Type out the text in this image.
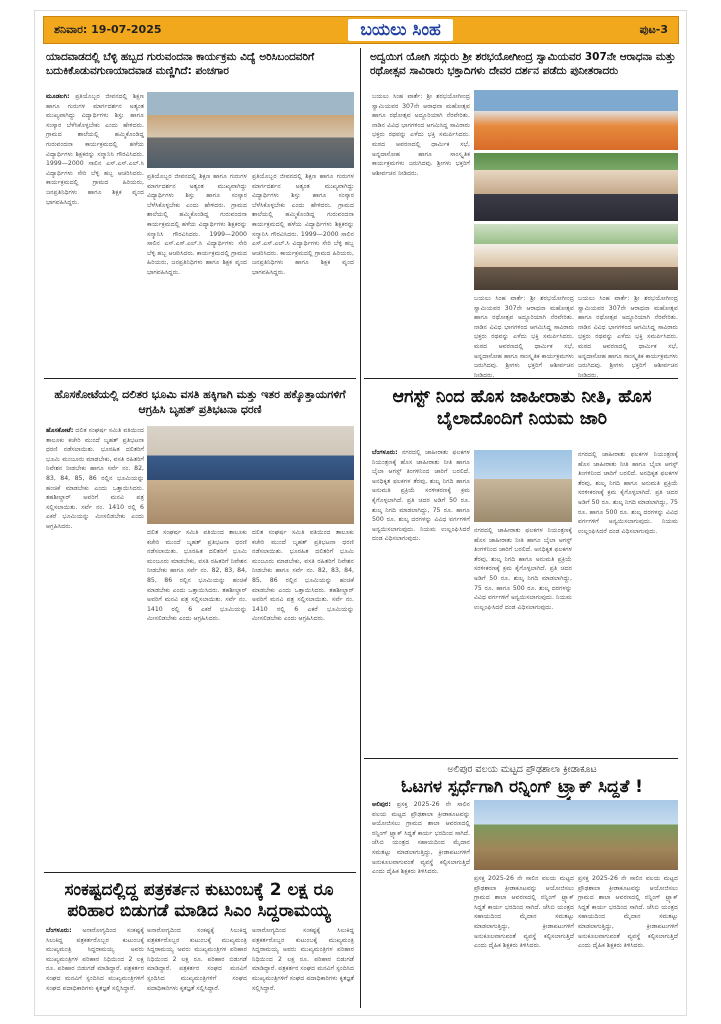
ಶನಿವಾರ: 19-07-2025	ಬಯಲು ಸಿಂಹ	ಪುಟ-3
ಯಾದವಾಡದಲ್ಲಿ ಬೆಳ್ಳಿ ಹಬ್ಬದ ಗುರುವಂದನಾ ಕಾರ್ಯಕ್ರಮ ವಿದ್ಯೆ ಅರಿಸಿಬಂದವರಿಗೆ ಬದುಕಿಕೊಡುವಗುಣಯಾದವಾಡ ಮಣ್ಣಿಗಿದೆ: ಪಂಚಗಾರ
ಮೂಡಲಗಿ: ಪ್ರತಿಯೊಬ್ಬರ ಜೀವನದಲ್ಲಿ ಶಿಕ್ಷಣ ಹಾಗೂ ಗುರುಗಳ ಮಾರ್ಗದರ್ಶನ ಅತ್ಯಂತ ಮುಖ್ಯವಾಗಿದ್ದು ವಿದ್ಯಾರ್ಥಿಗಳು ಶಿಸ್ತು ಹಾಗೂ ಸಂಸ್ಕಾರ ಬೆಳೆಸಿಕೊಳ್ಳಬೇಕು ಎಂದು ಹೇಳಿದರು. ಗ್ರಾಮದ ಶಾಲೆಯಲ್ಲಿ ಹಮ್ಮಿಕೊಂಡಿದ್ದ ಗುರುವಂದನಾ ಕಾರ್ಯಕ್ರಮದಲ್ಲಿ ಹಳೆಯ ವಿದ್ಯಾರ್ಥಿಗಳು ಶಿಕ್ಷಕರನ್ನು ಸನ್ಮಾನಿಸಿ ಗೌರವಿಸಿದರು. 1999—2000 ಸಾಲಿನ ಎಸ್.ಎಸ್.ಎಲ್.ಸಿ ವಿದ್ಯಾರ್ಥಿಗಳು ಸೇರಿ ಬೆಳ್ಳಿ ಹಬ್ಬ ಆಚರಿಸಿದರು. ಕಾರ್ಯಕ್ರಮದಲ್ಲಿ ಗ್ರಾಮದ ಹಿರಿಯರು, ಜನಪ್ರತಿನಿಧಿಗಳು ಹಾಗೂ ಶಿಕ್ಷಕ ವೃಂದ ಭಾಗವಹಿಸಿದ್ದರು.
ಪ್ರತಿಯೊಬ್ಬರ ಜೀವನದಲ್ಲಿ ಶಿಕ್ಷಣ ಹಾಗೂ ಗುರುಗಳ ಮಾರ್ಗದರ್ಶನ ಅತ್ಯಂತ ಮುಖ್ಯವಾಗಿದ್ದು ವಿದ್ಯಾರ್ಥಿಗಳು ಶಿಸ್ತು ಹಾಗೂ ಸಂಸ್ಕಾರ ಬೆಳೆಸಿಕೊಳ್ಳಬೇಕು ಎಂದು ಹೇಳಿದರು. ಗ್ರಾಮದ ಶಾಲೆಯಲ್ಲಿ ಹಮ್ಮಿಕೊಂಡಿದ್ದ ಗುರುವಂದನಾ ಕಾರ್ಯಕ್ರಮದಲ್ಲಿ ಹಳೆಯ ವಿದ್ಯಾರ್ಥಿಗಳು ಶಿಕ್ಷಕರನ್ನು ಸನ್ಮಾನಿಸಿ ಗೌರವಿಸಿದರು. 1999—2000 ಸಾಲಿನ ಎಸ್.ಎಸ್.ಎಲ್.ಸಿ ವಿದ್ಯಾರ್ಥಿಗಳು ಸೇರಿ ಬೆಳ್ಳಿ ಹಬ್ಬ ಆಚರಿಸಿದರು. ಕಾರ್ಯಕ್ರಮದಲ್ಲಿ ಗ್ರಾಮದ ಹಿರಿಯರು, ಜನಪ್ರತಿನಿಧಿಗಳು ಹಾಗೂ ಶಿಕ್ಷಕ ವೃಂದ ಭಾಗವಹಿಸಿದ್ದರು.
ಪ್ರತಿಯೊಬ್ಬರ ಜೀವನದಲ್ಲಿ ಶಿಕ್ಷಣ ಹಾಗೂ ಗುರುಗಳ ಮಾರ್ಗದರ್ಶನ ಅತ್ಯಂತ ಮುಖ್ಯವಾಗಿದ್ದು ವಿದ್ಯಾರ್ಥಿಗಳು ಶಿಸ್ತು ಹಾಗೂ ಸಂಸ್ಕಾರ ಬೆಳೆಸಿಕೊಳ್ಳಬೇಕು ಎಂದು ಹೇಳಿದರು. ಗ್ರಾಮದ ಶಾಲೆಯಲ್ಲಿ ಹಮ್ಮಿಕೊಂಡಿದ್ದ ಗುರುವಂದನಾ ಕಾರ್ಯಕ್ರಮದಲ್ಲಿ ಹಳೆಯ ವಿದ್ಯಾರ್ಥಿಗಳು ಶಿಕ್ಷಕರನ್ನು ಸನ್ಮಾನಿಸಿ ಗೌರವಿಸಿದರು. 1999—2000 ಸಾಲಿನ ಎಸ್.ಎಸ್.ಎಲ್.ಸಿ ವಿದ್ಯಾರ್ಥಿಗಳು ಸೇರಿ ಬೆಳ್ಳಿ ಹಬ್ಬ ಆಚರಿಸಿದರು. ಕಾರ್ಯಕ್ರಮದಲ್ಲಿ ಗ್ರಾಮದ ಹಿರಿಯರು, ಜನಪ್ರತಿನಿಧಿಗಳು ಹಾಗೂ ಶಿಕ್ಷಕ ವೃಂದ ಭಾಗವಹಿಸಿದ್ದರು.
ಅದ್ವಯಿಗ ಯೋಗಿ ಸದ್ಗುರು ಶ್ರೀ ಶರಭಯೋಗೀಂದ್ರ ಸ್ವಾಮಿಯವರ 307ನೇ ಆರಾಧನಾ ಮತ್ತು ರಥೋತ್ಸವ ಸಾವಿರಾರು ಭಕ್ತಾದಿಗಳು ದೇವರ ದರ್ಶನ ಪಡೆದು ಪುನೀತರಾದರು
ಬಯಲು ಸಿಂಹ ವಾರ್ತೆ: ಶ್ರೀ ಶರಭಯೋಗೀಂದ್ರ ಸ್ವಾಮಿಯವರ 307ನೇ ಆರಾಧನಾ ಮಹೋತ್ಸವ ಹಾಗೂ ರಥೋತ್ಸವ ಅದ್ದೂರಿಯಾಗಿ ನೆರವೇರಿತು. ನಾಡಿನ ವಿವಿಧ ಭಾಗಗಳಿಂದ ಆಗಮಿಸಿದ್ದ ಸಾವಿರಾರು ಭಕ್ತರು ರಥವನ್ನು ಎಳೆದು ಭಕ್ತಿ ಸಮರ್ಪಿಸಿದರು. ಮಠದ ಆವರಣದಲ್ಲಿ ಧಾರ್ಮಿಕ ಸಭೆ, ಅನ್ನದಾಸೋಹ ಹಾಗೂ ಸಾಂಸ್ಕೃತಿಕ ಕಾರ್ಯಕ್ರಮಗಳು ಜರುಗಿದವು. ಶ್ರೀಗಳು ಭಕ್ತರಿಗೆ ಆಶೀರ್ವಚನ ನೀಡಿದರು.
ಬಯಲು ಸಿಂಹ ವಾರ್ತೆ: ಶ್ರೀ ಶರಭಯೋಗೀಂದ್ರ ಸ್ವಾಮಿಯವರ 307ನೇ ಆರಾಧನಾ ಮಹೋತ್ಸವ ಹಾಗೂ ರಥೋತ್ಸವ ಅದ್ದೂರಿಯಾಗಿ ನೆರವೇರಿತು. ನಾಡಿನ ವಿವಿಧ ಭಾಗಗಳಿಂದ ಆಗಮಿಸಿದ್ದ ಸಾವಿರಾರು ಭಕ್ತರು ರಥವನ್ನು ಎಳೆದು ಭಕ್ತಿ ಸಮರ್ಪಿಸಿದರು. ಮಠದ ಆವರಣದಲ್ಲಿ ಧಾರ್ಮಿಕ ಸಭೆ, ಅನ್ನದಾಸೋಹ ಹಾಗೂ ಸಾಂಸ್ಕೃತಿಕ ಕಾರ್ಯಕ್ರಮಗಳು ಜರುಗಿದವು. ಶ್ರೀಗಳು ಭಕ್ತರಿಗೆ ಆಶೀರ್ವಚನ ನೀಡಿದರು.
ಬಯಲು ಸಿಂಹ ವಾರ್ತೆ: ಶ್ರೀ ಶರಭಯೋಗೀಂದ್ರ ಸ್ವಾಮಿಯವರ 307ನೇ ಆರಾಧನಾ ಮಹೋತ್ಸವ ಹಾಗೂ ರಥೋತ್ಸವ ಅದ್ದೂರಿಯಾಗಿ ನೆರವೇರಿತು. ನಾಡಿನ ವಿವಿಧ ಭಾಗಗಳಿಂದ ಆಗಮಿಸಿದ್ದ ಸಾವಿರಾರು ಭಕ್ತರು ರಥವನ್ನು ಎಳೆದು ಭಕ್ತಿ ಸಮರ್ಪಿಸಿದರು. ಮಠದ ಆವರಣದಲ್ಲಿ ಧಾರ್ಮಿಕ ಸಭೆ, ಅನ್ನದಾಸೋಹ ಹಾಗೂ ಸಾಂಸ್ಕೃತಿಕ ಕಾರ್ಯಕ್ರಮಗಳು ಜರುಗಿದವು. ಶ್ರೀಗಳು ಭಕ್ತರಿಗೆ ಆಶೀರ್ವಚನ ನೀಡಿದರು.
ಹೊಸಕೋಟೆಯಲ್ಲಿ ದಲಿತರ ಭೂಮಿ ವಸತಿ ಹಕ್ಕಿಗಾಗಿ ಮತ್ತು ಇತರ ಹಕ್ಕೊತ್ತಾಯಗಳಿಗೆ ಆಗ್ರಹಿಸಿ ಬೃಹತ್ ಪ್ರತಿಭಟನಾ ಧರಣಿ
ಹೊಸಕೋಟೆ: ದಲಿತ ಸಂಘರ್ಷ ಸಮಿತಿ ವತಿಯಿಂದ ತಾಲೂಕು ಕಚೇರಿ ಮುಂದೆ ಬೃಹತ್ ಪ್ರತಿಭಟನಾ ಧರಣಿ ನಡೆಸಲಾಯಿತು. ಭೂರಹಿತ ದಲಿತರಿಗೆ ಭೂಮಿ ಮಂಜೂರು ಮಾಡಬೇಕು, ವಸತಿ ರಹಿತರಿಗೆ ನಿವೇಶನ ನೀಡಬೇಕು ಹಾಗೂ ಸರ್ವೆ ನಂ. 82, 83, 84, 85, 86 ರಲ್ಲಿನ ಭೂಮಿಯನ್ನು ಹಂಚಿಕೆ ಮಾಡಬೇಕು ಎಂದು ಒತ್ತಾಯಿಸಿದರು. ತಹಶೀಲ್ದಾರ್ ಅವರಿಗೆ ಮನವಿ ಪತ್ರ ಸಲ್ಲಿಸಲಾಯಿತು. ಸರ್ವೆ ನಂ. 1410 ರಲ್ಲಿ 6 ಎಕರೆ ಭೂಮಿಯನ್ನು ಮೀಸಲಿಡಬೇಕು ಎಂದು ಆಗ್ರಹಿಸಿದರು.
ದಲಿತ ಸಂಘರ್ಷ ಸಮಿತಿ ವತಿಯಿಂದ ತಾಲೂಕು ಕಚೇರಿ ಮುಂದೆ ಬೃಹತ್ ಪ್ರತಿಭಟನಾ ಧರಣಿ ನಡೆಸಲಾಯಿತು. ಭೂರಹಿತ ದಲಿತರಿಗೆ ಭೂಮಿ ಮಂಜೂರು ಮಾಡಬೇಕು, ವಸತಿ ರಹಿತರಿಗೆ ನಿವೇಶನ ನೀಡಬೇಕು ಹಾಗೂ ಸರ್ವೆ ನಂ. 82, 83, 84, 85, 86 ರಲ್ಲಿನ ಭೂಮಿಯನ್ನು ಹಂಚಿಕೆ ಮಾಡಬೇಕು ಎಂದು ಒತ್ತಾಯಿಸಿದರು. ತಹಶೀಲ್ದಾರ್ ಅವರಿಗೆ ಮನವಿ ಪತ್ರ ಸಲ್ಲಿಸಲಾಯಿತು. ಸರ್ವೆ ನಂ. 1410 ರಲ್ಲಿ 6 ಎಕರೆ ಭೂಮಿಯನ್ನು ಮೀಸಲಿಡಬೇಕು ಎಂದು ಆಗ್ರಹಿಸಿದರು.
ದಲಿತ ಸಂಘರ್ಷ ಸಮಿತಿ ವತಿಯಿಂದ ತಾಲೂಕು ಕಚೇರಿ ಮುಂದೆ ಬೃಹತ್ ಪ್ರತಿಭಟನಾ ಧರಣಿ ನಡೆಸಲಾಯಿತು. ಭೂರಹಿತ ದಲಿತರಿಗೆ ಭೂಮಿ ಮಂಜೂರು ಮಾಡಬೇಕು, ವಸತಿ ರಹಿತರಿಗೆ ನಿವೇಶನ ನೀಡಬೇಕು ಹಾಗೂ ಸರ್ವೆ ನಂ. 82, 83, 84, 85, 86 ರಲ್ಲಿನ ಭೂಮಿಯನ್ನು ಹಂಚಿಕೆ ಮಾಡಬೇಕು ಎಂದು ಒತ್ತಾಯಿಸಿದರು. ತಹಶೀಲ್ದಾರ್ ಅವರಿಗೆ ಮನವಿ ಪತ್ರ ಸಲ್ಲಿಸಲಾಯಿತು. ಸರ್ವೆ ನಂ. 1410 ರಲ್ಲಿ 6 ಎಕರೆ ಭೂಮಿಯನ್ನು ಮೀಸಲಿಡಬೇಕು ಎಂದು ಆಗ್ರಹಿಸಿದರು.
ಆಗಸ್ಟ್ ನಿಂದ ಹೊಸ ಜಾಹೀರಾತು ನೀತಿ, ಹೊಸ ಬೈಲಾದೊಂದಿಗೆ ನಿಯಮ ಜಾರಿ
ಬೆಂಗಳೂರು: ನಗರದಲ್ಲಿ ಜಾಹೀರಾತು ಫಲಕಗಳ ನಿಯಂತ್ರಣಕ್ಕೆ ಹೊಸ ಜಾಹೀರಾತು ನೀತಿ ಹಾಗೂ ಬೈಲಾ ಆಗಸ್ಟ್ ತಿಂಗಳಿನಿಂದ ಜಾರಿಗೆ ಬರಲಿದೆ. ಅನಧಿಕೃತ ಫಲಕಗಳ ತೆರವು, ಶುಲ್ಕ ನಿಗದಿ ಹಾಗೂ ಅನುಮತಿ ಪ್ರಕ್ರಿಯೆ ಸರಳೀಕರಣಕ್ಕೆ ಕ್ರಮ ಕೈಗೊಳ್ಳಲಾಗಿದೆ. ಪ್ರತಿ ಚದರ ಅಡಿಗೆ 50 ರೂ. ಶುಲ್ಕ ನಿಗದಿ ಮಾಡಲಾಗಿದ್ದು, 75 ರೂ. ಹಾಗೂ 500 ರೂ. ಶುಲ್ಕ ದರಗಳನ್ನು ವಿವಿಧ ವರ್ಗಗಳಿಗೆ ಅನ್ವಯಿಸಲಾಗುವುದು. ನಿಯಮ ಉಲ್ಲಂಘಿಸಿದರೆ ದಂಡ ವಿಧಿಸಲಾಗುವುದು.
ನಗರದಲ್ಲಿ ಜಾಹೀರಾತು ಫಲಕಗಳ ನಿಯಂತ್ರಣಕ್ಕೆ ಹೊಸ ಜಾಹೀರಾತು ನೀತಿ ಹಾಗೂ ಬೈಲಾ ಆಗಸ್ಟ್ ತಿಂಗಳಿನಿಂದ ಜಾರಿಗೆ ಬರಲಿದೆ. ಅನಧಿಕೃತ ಫಲಕಗಳ ತೆರವು, ಶುಲ್ಕ ನಿಗದಿ ಹಾಗೂ ಅನುಮತಿ ಪ್ರಕ್ರಿಯೆ ಸರಳೀಕರಣಕ್ಕೆ ಕ್ರಮ ಕೈಗೊಳ್ಳಲಾಗಿದೆ. ಪ್ರತಿ ಚದರ ಅಡಿಗೆ 50 ರೂ. ಶುಲ್ಕ ನಿಗದಿ ಮಾಡಲಾಗಿದ್ದು, 75 ರೂ. ಹಾಗೂ 500 ರೂ. ಶುಲ್ಕ ದರಗಳನ್ನು ವಿವಿಧ ವರ್ಗಗಳಿಗೆ ಅನ್ವಯಿಸಲಾಗುವುದು. ನಿಯಮ ಉಲ್ಲಂಘಿಸಿದರೆ ದಂಡ ವಿಧಿಸಲಾಗುವುದು.
ನಗರದಲ್ಲಿ ಜಾಹೀರಾತು ಫಲಕಗಳ ನಿಯಂತ್ರಣಕ್ಕೆ ಹೊಸ ಜಾಹೀರಾತು ನೀತಿ ಹಾಗೂ ಬೈಲಾ ಆಗಸ್ಟ್ ತಿಂಗಳಿನಿಂದ ಜಾರಿಗೆ ಬರಲಿದೆ. ಅನಧಿಕೃತ ಫಲಕಗಳ ತೆರವು, ಶುಲ್ಕ ನಿಗದಿ ಹಾಗೂ ಅನುಮತಿ ಪ್ರಕ್ರಿಯೆ ಸರಳೀಕರಣಕ್ಕೆ ಕ್ರಮ ಕೈಗೊಳ್ಳಲಾಗಿದೆ. ಪ್ರತಿ ಚದರ ಅಡಿಗೆ 50 ರೂ. ಶುಲ್ಕ ನಿಗದಿ ಮಾಡಲಾಗಿದ್ದು, 75 ರೂ. ಹಾಗೂ 500 ರೂ. ಶುಲ್ಕ ದರಗಳನ್ನು ವಿವಿಧ ವರ್ಗಗಳಿಗೆ ಅನ್ವಯಿಸಲಾಗುವುದು. ನಿಯಮ ಉಲ್ಲಂಘಿಸಿದರೆ ದಂಡ ವಿಧಿಸಲಾಗುವುದು.
ಅಲಿಪುರ ವಲಯ ಮಟ್ಟದ ಪ್ರೌಢಶಾಲಾ ಕ್ರೀಡಾಕೂಟ
ಓಟಗಳ ಸ್ಪರ್ಧೆಗಾಗಿ ರನ್ನಿಂಗ್ ಟ್ರ್ಯಾಕ್ ಸಿದ್ದತೆ !
ಆಲಿಪುರ: ಪ್ರಸಕ್ತ 2025-26 ನೇ ಸಾಲಿನ ವಲಯ ಮಟ್ಟದ ಪ್ರೌಢಶಾಲಾ ಕ್ರೀಡಾಕೂಟವನ್ನು ಆಯೋಜಿಸಲು ಗ್ರಾಮದ ಶಾಲಾ ಆವರಣದಲ್ಲಿ ರನ್ನಿಂಗ್ ಟ್ರ್ಯಾಕ್ ಸಿದ್ದತೆ ಕಾರ್ಯ ಭರದಿಂದ ಸಾಗಿದೆ. ಜೆಸಿಬಿ ಯಂತ್ರದ ಸಹಾಯದಿಂದ ಮೈದಾನ ಸಮತಟ್ಟು ಮಾಡಲಾಗುತ್ತಿದ್ದು, ಕ್ರೀಡಾಪಟುಗಳಿಗೆ ಅನುಕೂಲವಾಗುವಂತೆ ವ್ಯವಸ್ಥೆ ಕಲ್ಪಿಸಲಾಗುತ್ತಿದೆ ಎಂದು ದೈಹಿಕ ಶಿಕ್ಷಕರು ತಿಳಿಸಿದರು.
ಪ್ರಸಕ್ತ 2025-26 ನೇ ಸಾಲಿನ ವಲಯ ಮಟ್ಟದ ಪ್ರೌಢಶಾಲಾ ಕ್ರೀಡಾಕೂಟವನ್ನು ಆಯೋಜಿಸಲು ಗ್ರಾಮದ ಶಾಲಾ ಆವರಣದಲ್ಲಿ ರನ್ನಿಂಗ್ ಟ್ರ್ಯಾಕ್ ಸಿದ್ದತೆ ಕಾರ್ಯ ಭರದಿಂದ ಸಾಗಿದೆ. ಜೆಸಿಬಿ ಯಂತ್ರದ ಸಹಾಯದಿಂದ ಮೈದಾನ ಸಮತಟ್ಟು ಮಾಡಲಾಗುತ್ತಿದ್ದು, ಕ್ರೀಡಾಪಟುಗಳಿಗೆ ಅನುಕೂಲವಾಗುವಂತೆ ವ್ಯವಸ್ಥೆ ಕಲ್ಪಿಸಲಾಗುತ್ತಿದೆ ಎಂದು ದೈಹಿಕ ಶಿಕ್ಷಕರು ತಿಳಿಸಿದರು.
ಪ್ರಸಕ್ತ 2025-26 ನೇ ಸಾಲಿನ ವಲಯ ಮಟ್ಟದ ಪ್ರೌಢಶಾಲಾ ಕ್ರೀಡಾಕೂಟವನ್ನು ಆಯೋಜಿಸಲು ಗ್ರಾಮದ ಶಾಲಾ ಆವರಣದಲ್ಲಿ ರನ್ನಿಂಗ್ ಟ್ರ್ಯಾಕ್ ಸಿದ್ದತೆ ಕಾರ್ಯ ಭರದಿಂದ ಸಾಗಿದೆ. ಜೆಸಿಬಿ ಯಂತ್ರದ ಸಹಾಯದಿಂದ ಮೈದಾನ ಸಮತಟ್ಟು ಮಾಡಲಾಗುತ್ತಿದ್ದು, ಕ್ರೀಡಾಪಟುಗಳಿಗೆ ಅನುಕೂಲವಾಗುವಂತೆ ವ್ಯವಸ್ಥೆ ಕಲ್ಪಿಸಲಾಗುತ್ತಿದೆ ಎಂದು ದೈಹಿಕ ಶಿಕ್ಷಕರು ತಿಳಿಸಿದರು.
ಸಂಕಷ್ಟದಲ್ಲಿದ್ದ ಪತ್ರಕರ್ತನ ಕುಟುಂಬಕ್ಕೆ 2 ಲಕ್ಷ ರೂ ಪರಿಹಾರ ಬಿಡುಗಡೆ ಮಾಡಿದ ಸಿಎಂ ಸಿದ್ದರಾಮಯ್ಯ
ಬೆಂಗಳೂರು: ಅನಾರೋಗ್ಯದಿಂದ ಸಂಕಷ್ಟಕ್ಕೆ ಸಿಲುಕಿದ್ದ ಪತ್ರಕರ್ತರೊಬ್ಬರ ಕುಟುಂಬಕ್ಕೆ ಮುಖ್ಯಮಂತ್ರಿ ಸಿದ್ದರಾಮಯ್ಯ ಅವರು ಮುಖ್ಯಮಂತ್ರಿಗಳ ಪರಿಹಾರ ನಿಧಿಯಿಂದ 2 ಲಕ್ಷ ರೂ. ಪರಿಹಾರ ಬಿಡುಗಡೆ ಮಾಡಿದ್ದಾರೆ. ಪತ್ರಕರ್ತರ ಸಂಘದ ಮನವಿಗೆ ಸ್ಪಂದಿಸಿದ ಮುಖ್ಯಮಂತ್ರಿಗಳಿಗೆ ಸಂಘದ ಪದಾಧಿಕಾರಿಗಳು ಕೃತಜ್ಞತೆ ಸಲ್ಲಿಸಿದ್ದಾರೆ.
ಅನಾರೋಗ್ಯದಿಂದ ಸಂಕಷ್ಟಕ್ಕೆ ಸಿಲುಕಿದ್ದ ಪತ್ರಕರ್ತರೊಬ್ಬರ ಕುಟುಂಬಕ್ಕೆ ಮುಖ್ಯಮಂತ್ರಿ ಸಿದ್ದರಾಮಯ್ಯ ಅವರು ಮುಖ್ಯಮಂತ್ರಿಗಳ ಪರಿಹಾರ ನಿಧಿಯಿಂದ 2 ಲಕ್ಷ ರೂ. ಪರಿಹಾರ ಬಿಡುಗಡೆ ಮಾಡಿದ್ದಾರೆ. ಪತ್ರಕರ್ತರ ಸಂಘದ ಮನವಿಗೆ ಸ್ಪಂದಿಸಿದ ಮುಖ್ಯಮಂತ್ರಿಗಳಿಗೆ ಸಂಘದ ಪದಾಧಿಕಾರಿಗಳು ಕೃತಜ್ಞತೆ ಸಲ್ಲಿಸಿದ್ದಾರೆ.
ಅನಾರೋಗ್ಯದಿಂದ ಸಂಕಷ್ಟಕ್ಕೆ ಸಿಲುಕಿದ್ದ ಪತ್ರಕರ್ತರೊಬ್ಬರ ಕುಟುಂಬಕ್ಕೆ ಮುಖ್ಯಮಂತ್ರಿ ಸಿದ್ದರಾಮಯ್ಯ ಅವರು ಮುಖ್ಯಮಂತ್ರಿಗಳ ಪರಿಹಾರ ನಿಧಿಯಿಂದ 2 ಲಕ್ಷ ರೂ. ಪರಿಹಾರ ಬಿಡುಗಡೆ ಮಾಡಿದ್ದಾರೆ. ಪತ್ರಕರ್ತರ ಸಂಘದ ಮನವಿಗೆ ಸ್ಪಂದಿಸಿದ ಮುಖ್ಯಮಂತ್ರಿಗಳಿಗೆ ಸಂಘದ ಪದಾಧಿಕಾರಿಗಳು ಕೃತಜ್ಞತೆ ಸಲ್ಲಿಸಿದ್ದಾರೆ.
